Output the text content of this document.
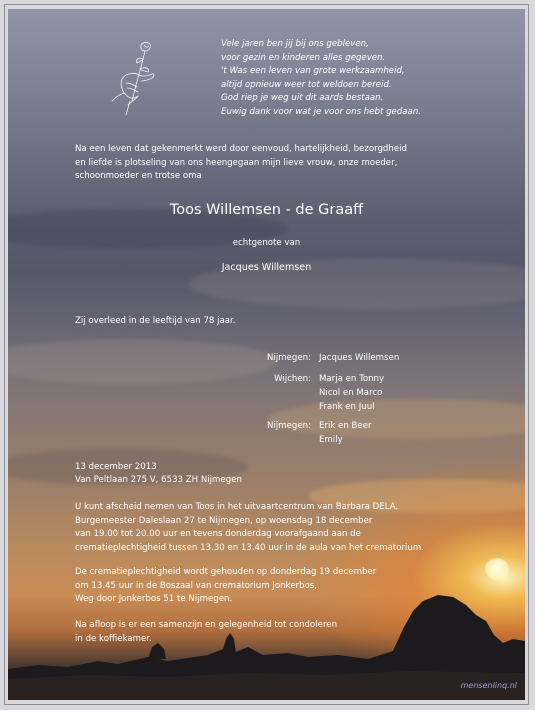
Vele jaren ben jij bij ons gebleven,
voor gezin en kinderen alles gegeven.
't Was een leven van grote werkzaamheid,
altijd opnieuw weer tot weldoen bereid.
God riep je weg uit dit aards bestaan.
Euwig dank voor wat je voor ons hebt gedaan.
Na een leven dat gekenmerkt werd door eenvoud, hartelijkheid, bezorgdheid
en liefde is plotseling van ons heengegaan mijn lieve vrouw, onze moeder,
schoonmoeder en trotse oma
Toos Willemsen - de Graaff
echtgenote van
Jacques Willemsen
Zij overleed in de leeftijd van 78 jaar.
Nijmegen: Jacques Willemsen
Wijchen: Marja en Tonny
Nicol en Marco
Frank en Juul
Nijmegen: Erik en Beer
Emily
13 december 2013
Van Peltlaan 275 V, 6533 ZH Nijmegen
U kunt afscheid nemen van Toos in het uitvaartcentrum van Barbara DELA,
Burgemeester Daleslaan 27 te Nijmegen, op woensdag 18 december
van 19.00 tot 20.00 uur en tevens donderdag voorafgaand aan de
crematieplechtigheid tussen 13.30 en 13.40 uur in de aula van het crematorium.
De crematieplechtigheid wordt gehouden op donderdag 19 december
om 13.45 uur in de Boszaal van crematorium Jonkerbos,
Weg door Jonkerbos 51 te Nijmegen.
Na afloop is er een samenzijn en gelegenheid tot condoleren
in de koffiekamer.
mensenlinq.nl
